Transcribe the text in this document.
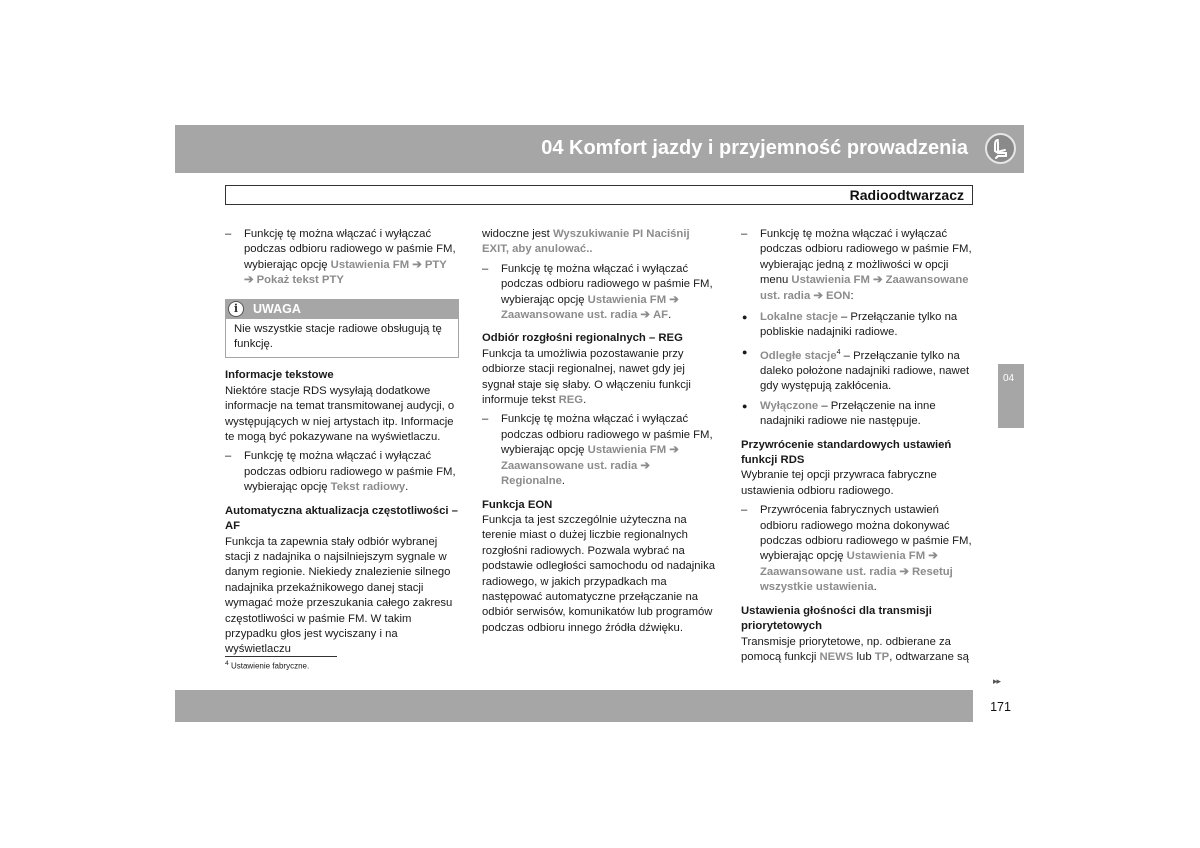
04 Komfort jazdy i przyjemność prowadzenia
Radioodtwarzacz

– Funkcję tę można włączać i wyłączać podczas odbioru radiowego w paśmie FM, wybierając opcję Ustawienia FM ➔ PTY
➔ Pokaż tekst PTY

i	UWAGA
Nie wszystkie stacje radiowe obsługują tę funkcję.
Informacje tekstowe

Niektóre stacje RDS wysyłają dodatkowe informacje na temat transmitowanej audycji, o występujących w niej artystach itp. Informacje te mogą być pokazywane na wyświetlaczu.

– Funkcję tę można włączać i wyłączać podczas odbioru radiowego w paśmie FM, wybierając opcję Tekst radiowy.

Automatyczna aktualizacja częstotliwości – AF

Funkcja ta zapewnia stały odbiór wybranej stacji z nadajnika o najsilniejszym sygnale w danym regionie. Niekiedy znalezienie silnego nadajnika przekaźnikowego danej stacji wymagać może przeszukania całego zakresu częstotliwości w paśmie FM. W takim przypadku głos jest wyciszany i na wyświetlaczu

widoczne jest Wyszukiwanie PI Naciśnij EXIT, aby anulować..

– Funkcję tę można włączać i wyłączać podczas odbioru radiowego w paśmie FM, wybierając opcję Ustawienia FM ➔
Zaawansowane ust. radia ➔ AF.

Odbiór rozgłośni regionalnych – REG

Funkcja ta umożliwia pozostawanie przy odbiorze stacji regionalnej, nawet gdy jej sygnał staje się słaby. O włączeniu funkcji informuje tekst REG.

– Funkcję tę można włączać i wyłączać podczas odbioru radiowego w paśmie FM, wybierając opcję Ustawienia FM ➔
Zaawansowane ust. radia ➔
Regionalne.

Funkcja EON

Funkcja ta jest szczególnie użyteczna na terenie miast o dużej liczbie regionalnych rozgłośni radiowych. Pozwala wybrać na podstawie odległości samochodu od nadajnika radiowego, w jakich przypadkach ma następować automatyczne przełączanie na odbiór serwisów, komunikatów lub programów podczas odbioru innego źródła dźwięku.

– Funkcję tę można włączać i wyłączać podczas odbioru radiowego w paśmie FM, wybierając jedną z możliwości w opcji menu Ustawienia FM ➔ Zaawansowane ust. radia ➔ EON:

● Lokalne stacje – Przełączanie tylko na pobliskie nadajniki radiowe.

● Odległe stacje$^4$ – Przełączanie tylko na daleko położone nadajniki radiowe, nawet gdy występują zakłócenia.

● Wyłączone – Przełączenie na inne nadajniki radiowe nie następuje.

Przywrócenie standardowych ustawień funkcji RDS

Wybranie tej opcji przywraca fabryczne ustawienia odbioru radiowego.

– Przywrócenia fabrycznych ustawień odbioru radiowego można dokonywać podczas odbioru radiowego w paśmie FM, wybierając opcję Ustawienia FM ➔
Zaawansowane ust. radia ➔ Resetuj wszystkie ustawienia.

Ustawienia głośności dla transmisji priorytetowych

Transmisje priorytetowe, np. odbierane za pomocą funkcji NEWS lub TP, odtwarzane są

$^4$ Ustawienie fabryczne.
04
▸▸
171
